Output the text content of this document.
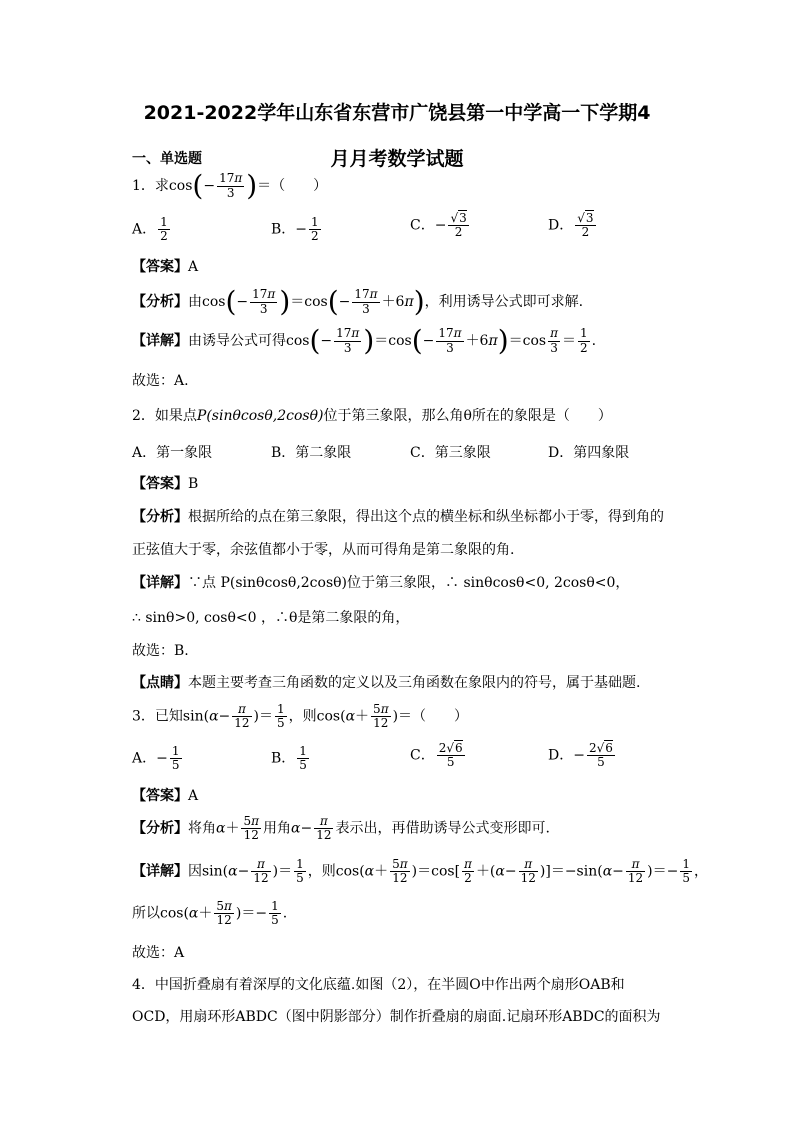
2021-2022学年山东省东营市广饶县第一中学高一下学期4
月月考数学试题
一、单选题
1．求$\cos(- \frac{17\pi}{3}$ )＝（　　）
A． $\frac{1}{2}$	B．− $\frac{1}{2}$	C．− $\frac{√3}{2}$	D． $\frac{√3}{2}$
【答案】A
【分析】由$\cos(- \frac{17\pi}{3} )=\cos(- \frac{17\pi}{3} +6\pi)$，利用诱导公式即可求解.
【详解】由诱导公式可得$\cos(- \frac{17\pi}{3} )=\cos(- \frac{17\pi}{3} +6\pi)=\cos \frac{\pi}{3} = \frac{1}{2}$ .
故选：A.
2．如果点P(sinθcosθ,2cosθ)位于第三象限，那么角θ所在的象限是（　　）
A．第一象限	B．第二象限	C．第三象限	D．第四象限
【答案】B
【分析】根据所给的点在第三象限，得出这个点的横坐标和纵坐标都小于零，得到角的
正弦值大于零，余弦值都小于零，从而可得角是第二象限的角.
【详解】∵点 P(sinθcosθ,2cosθ)位于第三象限，∴ sinθcosθ<0, 2cosθ<0，
∴ sinθ>0, cosθ<0 ，∴θ是第二象限的角，
故选：B.
【点睛】本题主要考查三角函数的定义以及三角函数在象限内的符号，属于基础题.
3．已知$\sin(\alpha- \frac{\pi}{12}$ )＝ $\frac{1}{5}$ ，则$\cos(\alpha+ \frac{5\pi}{12}$ )＝（　　）
A．− $\frac{1}{5}$	B． $\frac{1}{5}$	C． $\frac{2√6}{5}$	D．− $\frac{2√6}{5}$
【答案】A
【分析】将角$\alpha+ \frac{5\pi}{12}$ 用角$\alpha- \frac{\pi}{12}$ 表示出，再借助诱导公式变形即可.
【详解】因$\sin(\alpha- \frac{\pi}{12}$ )＝ $\frac{1}{5}$ ，则$\cos(\alpha+ \frac{5\pi}{12} )=\cos[ \frac{\pi}{2} +(\alpha- \frac{\pi}{12} )]=-\sin(\alpha- \frac{\pi}{12}$ )＝− $\frac{1}{5}$ ，
所以$\cos(\alpha+ \frac{5\pi}{12}$ )＝− $\frac{1}{5}$ .
故选：A
4．中国折叠扇有着深厚的文化底蕴.如图（2），在半圆O中作出两个扇形OAB和
OCD，用扇环形ABDC（图中阴影部分）制作折叠扇的扇面.记扇环形ABDC的面积为
